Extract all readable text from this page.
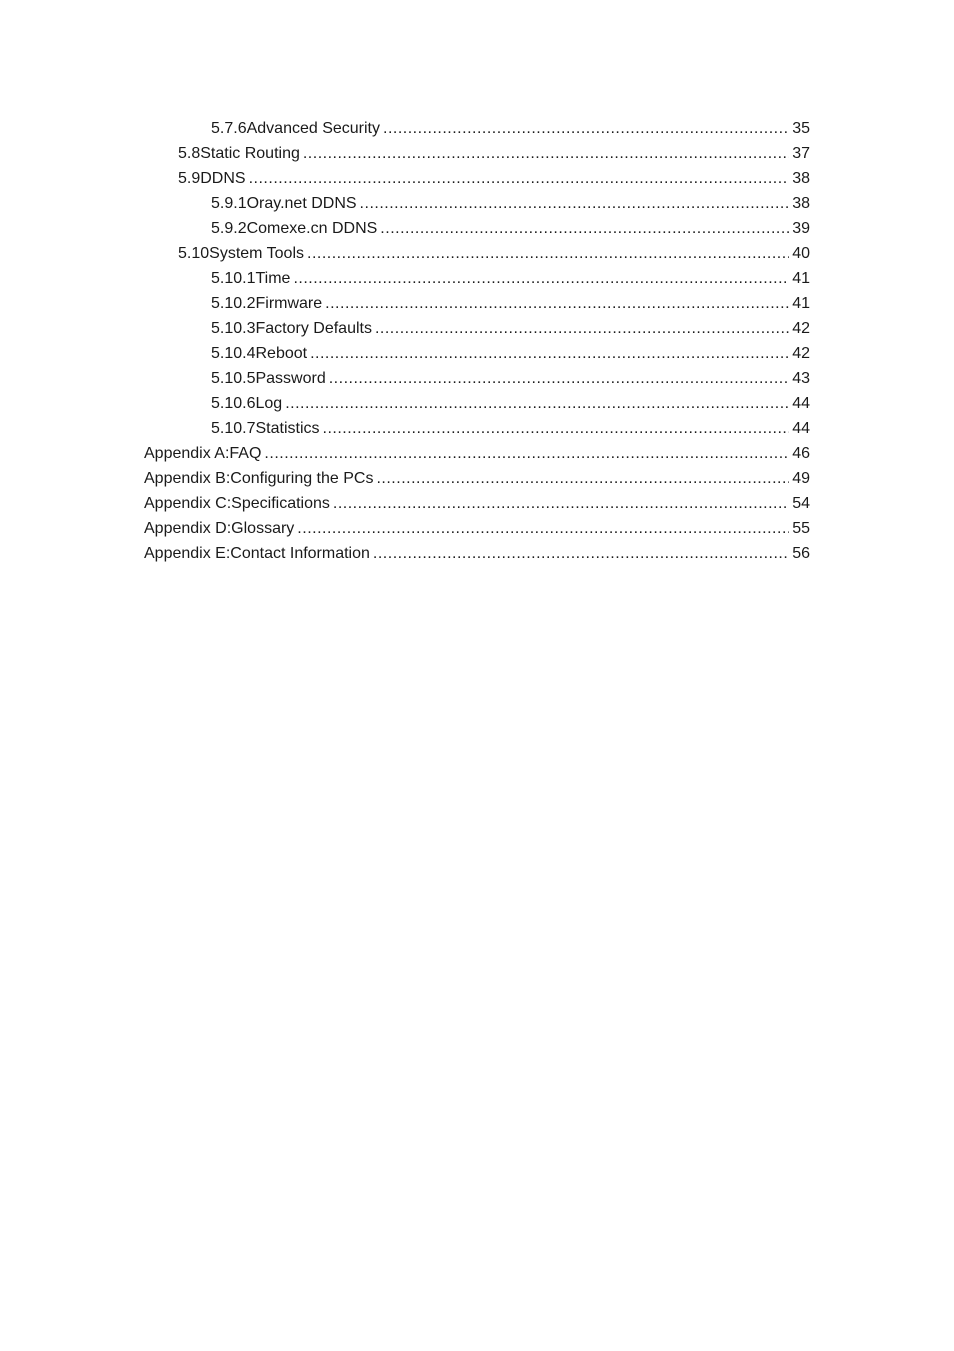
5.7.6 Advanced Security .....	35
5.8 Static Routing .....	37
5.9 DDNS .....	38
5.9.1 Oray.net DDNS .....	38
5.9.2 Comexe.cn DDNS .....	39
5.10 System Tools .....	40
5.10.1 Time .....	41
5.10.2 Firmware .....	41
5.10.3 Factory Defaults .....	42
5.10.4 Reboot .....	42
5.10.5 Password .....	43
5.10.6 Log .....	44
5.10.7 Statistics .....	44
Appendix A: FAQ .....	46
Appendix B: Configuring the PCs .....	49
Appendix C: Specifications .....	54
Appendix D: Glossary .....	55
Appendix E: Contact Information .....	56
